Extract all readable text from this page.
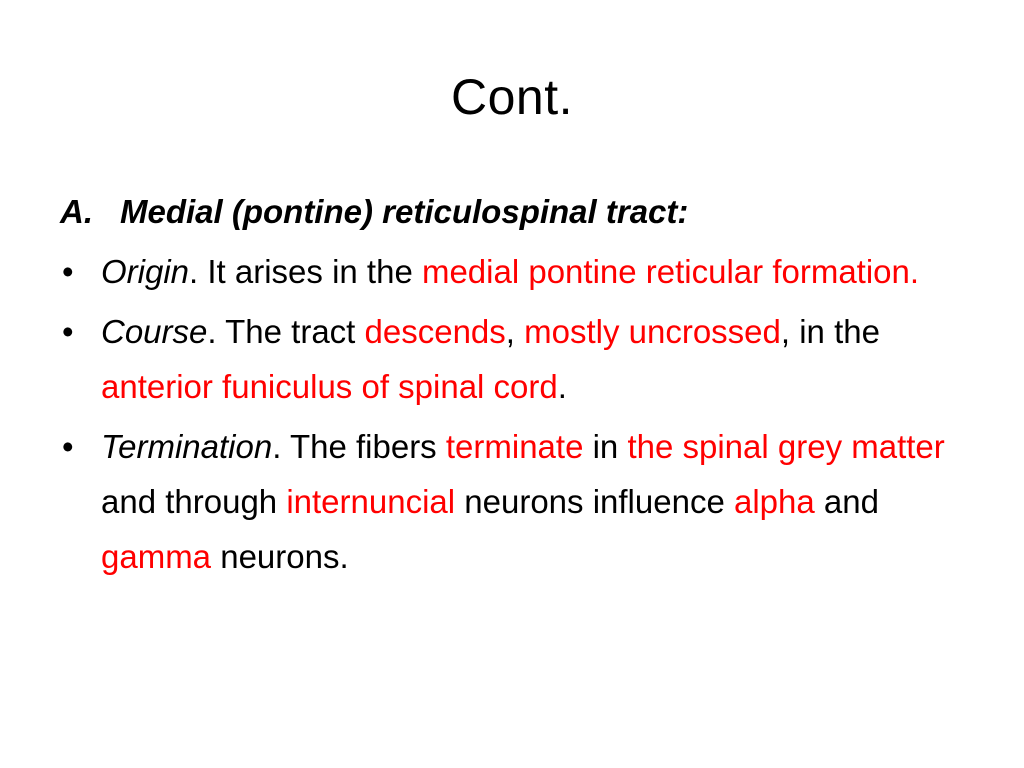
Cont.
A. Medial (pontine) reticulospinal tract:
• Origin. It arises in the medial pontine reticular formation.
• Course. The tract descends, mostly uncrossed, in the anterior funiculus of spinal cord.
• Termination. The fibers terminate in the spinal grey matter and through internuncial neurons influence alpha and gamma neurons.
